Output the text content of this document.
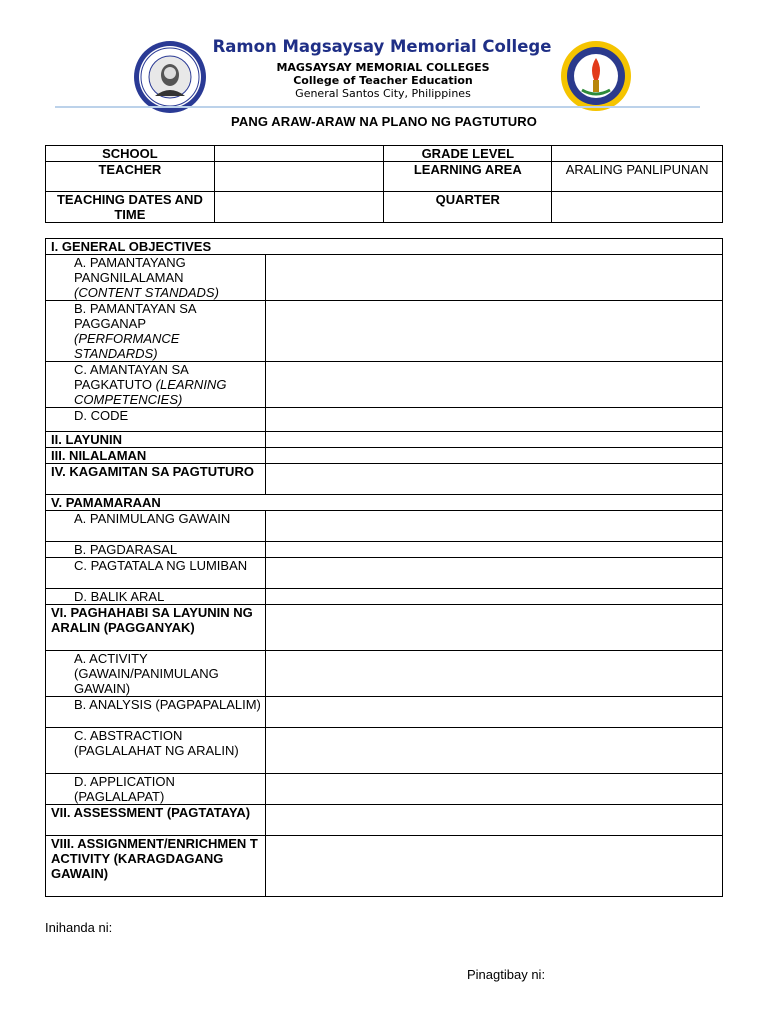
Ramon Magsaysay Memorial College
MAGSAYSAY MEMORIAL COLLEGES
College of Teacher Education
General Santos City, Philippines
PANG ARAW-ARAW NA PLANO NG PAGTUTURO
SCHOOL		GRADE LEVEL	
TEACHER		LEARNING AREA	ARALING PANLIPUNAN
TEACHING DATES AND TIME		QUARTER	
I. GENERAL OBJECTIVES	
A. PAMANTAYANG PANGNILALAMAN
(CONTENT STANDADS)	
B. PAMANTAYAN SA PAGGANAP
(PERFORMANCE STANDARDS)	
C. AMANTAYAN SA PAGKATUTO (LEARNING COMPETENCIES)	
D. CODE	
II. LAYUNIN	
III. NILALAMAN	
IV. KAGAMITAN SA PAGTUTURO	
V. PAMAMARAAN	
A. PANIMULANG GAWAIN	
B. PAGDARASAL	
C. PAGTATALA NG LUMIBAN	
D. BALIK ARAL	
VI. PAGHAHABI SA LAYUNIN NG ARALIN (PAGGANYAK)	
A. ACTIVITY (GAWAIN/PANIMULANG GAWAIN)	
B. ANALYSIS (PAGPAPALALIM)	
C. ABSTRACTION (PAGLALAHAT NG ARALIN)	
D. APPLICATION (PAGLALAPAT)	
VII. ASSESSMENT (PAGTATAYA)	
VIII. ASSIGNMENT/ENRICHMEN T ACTIVITY (KARAGDAGANG GAWAIN)	
Inihanda ni:
Pinagtibay ni:
